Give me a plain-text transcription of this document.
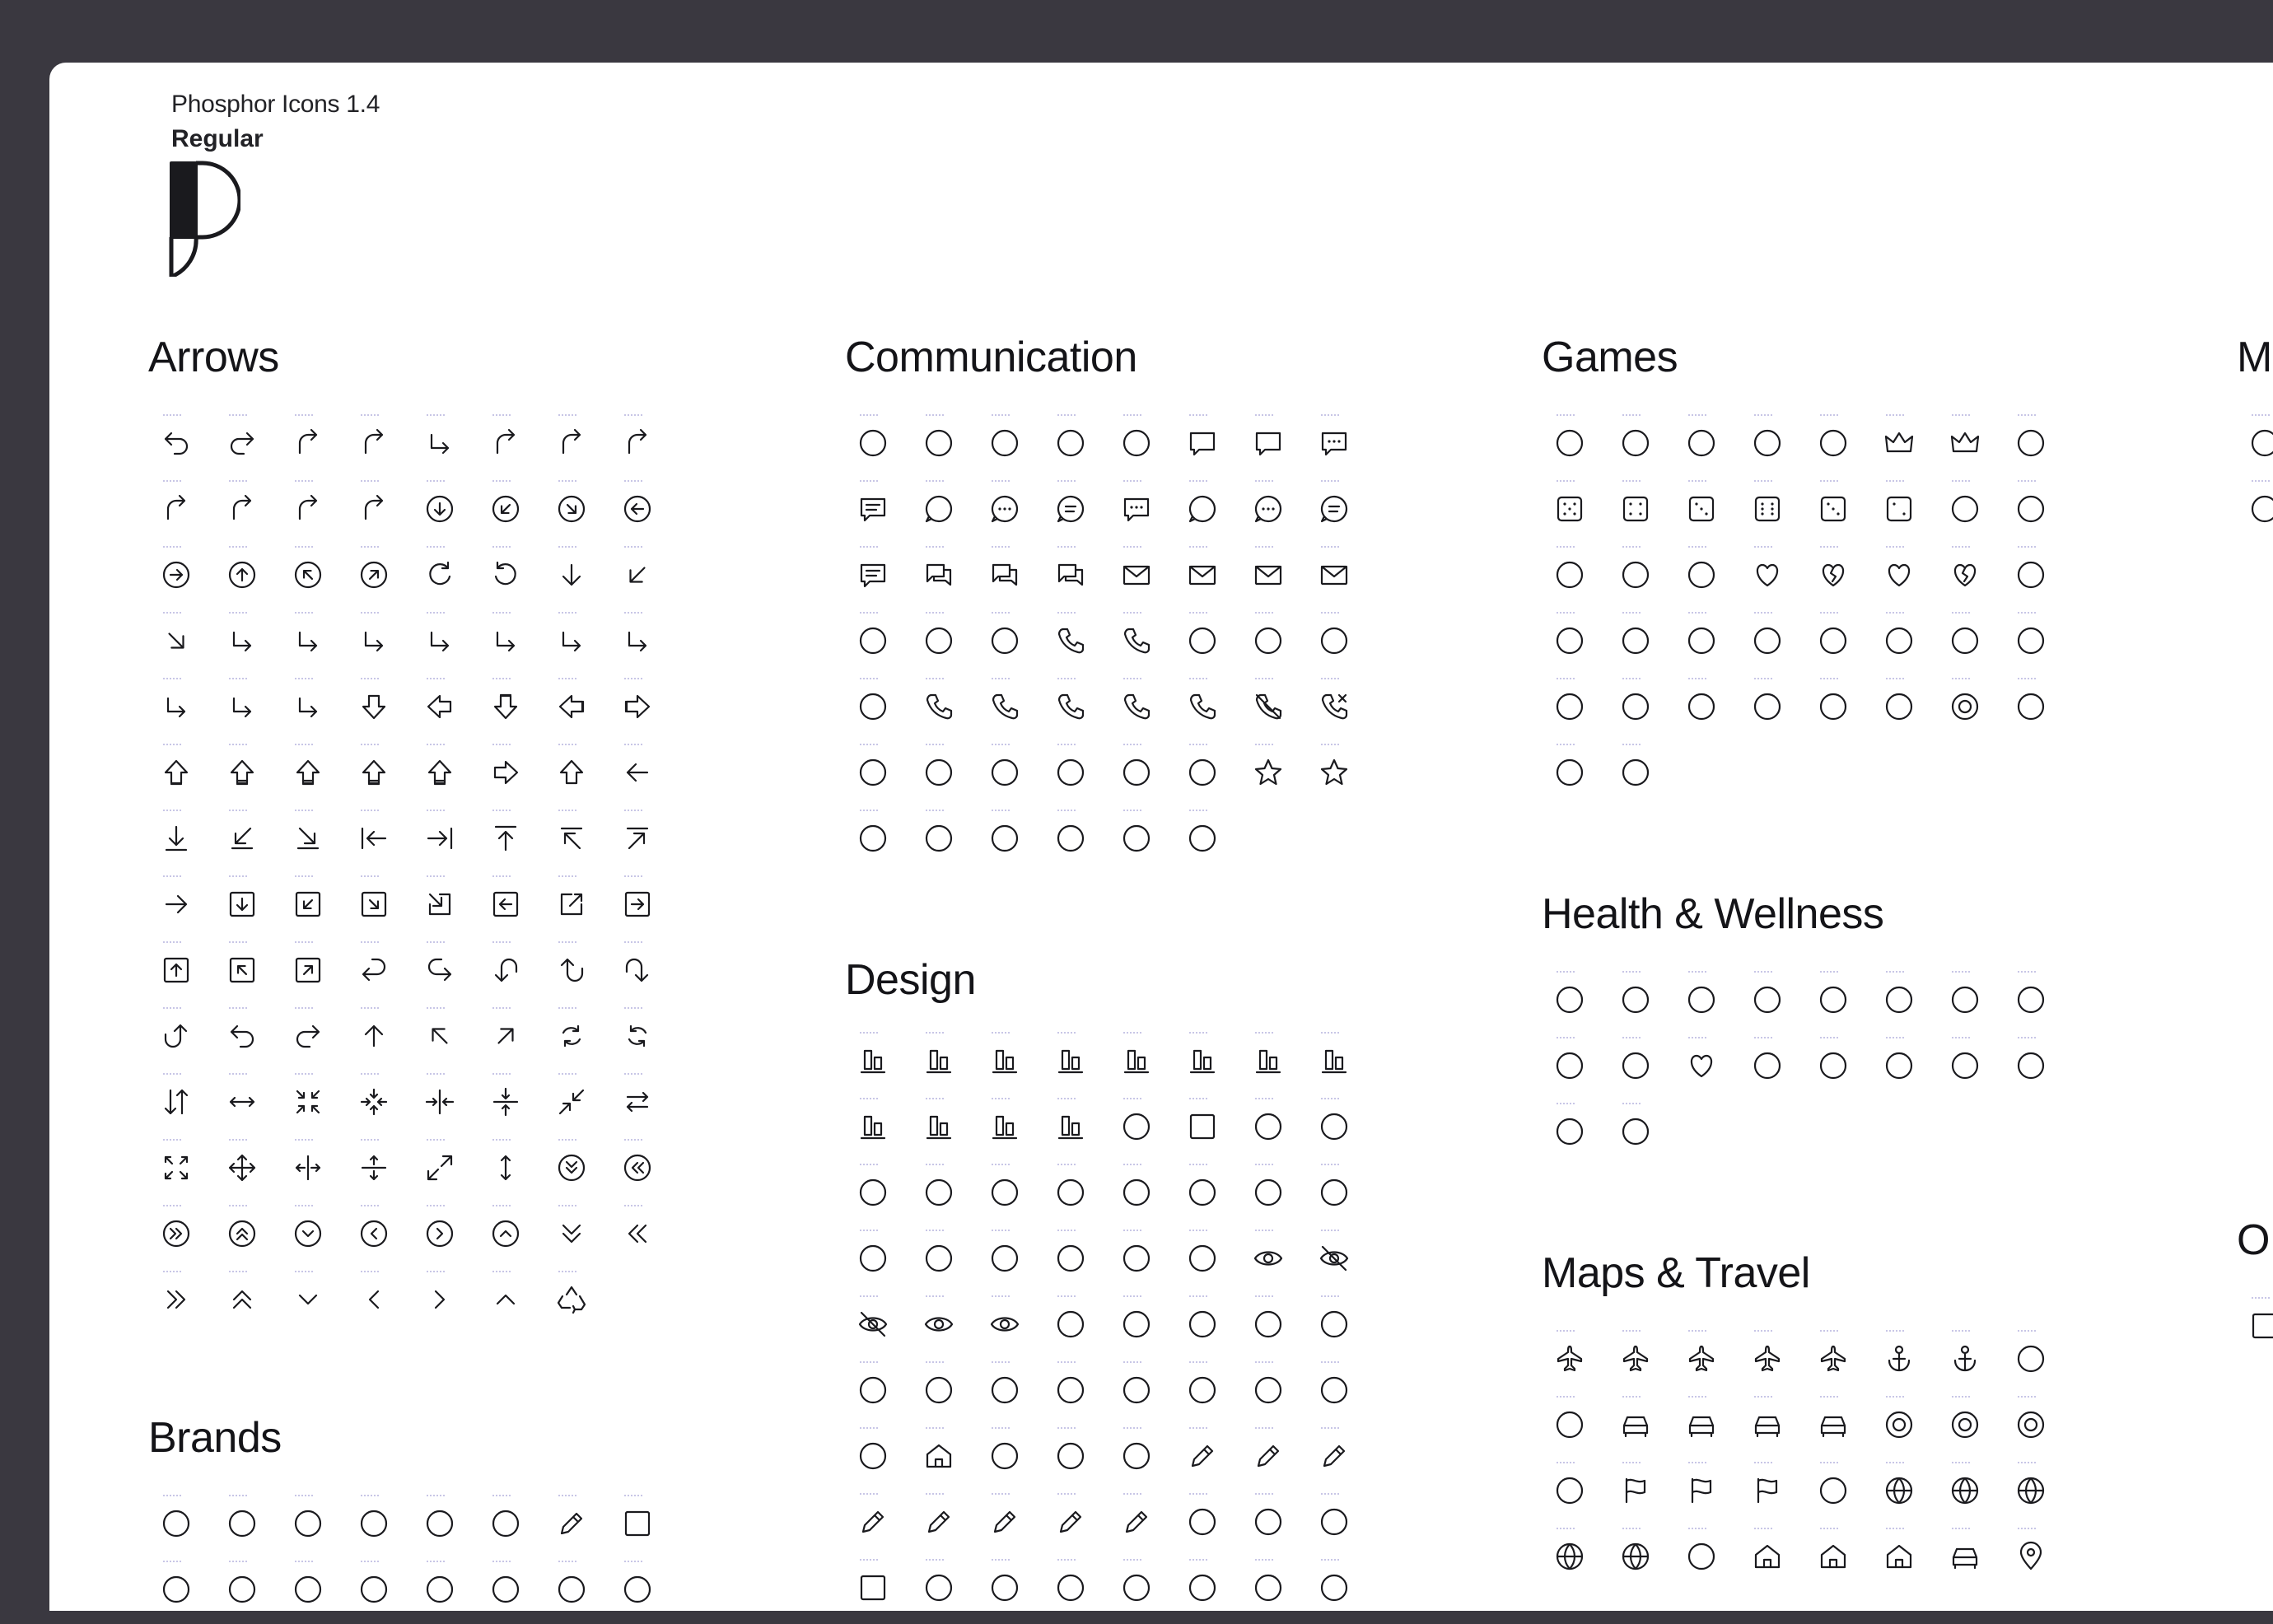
Phosphor Icons 1.4
Regular
Arrows
Brands
Communication
Design
Games
Health & Wellness
Maps & Travel
M
O
